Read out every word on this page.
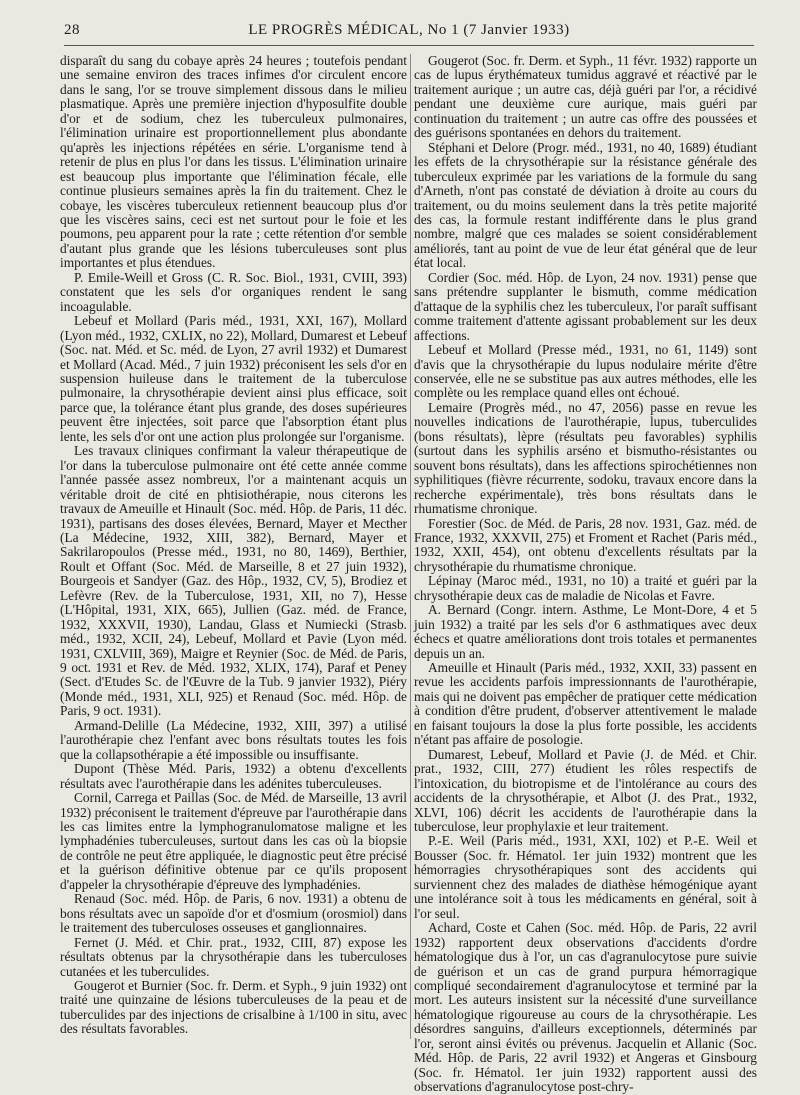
28	LE PROGRÈS MÉDICAL, No 1 (7 Janvier 1933)

disparaît du sang du cobaye après 24 heures ; toutefois pendant une semaine environ des traces infimes d'or circulent encore dans le sang, l'or se trouve simplement dissous dans le milieu plasmatique. Après une première injection d'hyposulfite double d'or et de sodium, chez les tuberculeux pulmonaires, l'élimination urinaire est proportionnellement plus abondante qu'après les injections répétées en série. L'organisme tend à retenir de plus en plus l'or dans les tissus. L'élimination urinaire est beaucoup plus importante que l'élimination fécale, elle continue plusieurs semaines après la fin du traitement. Chez le cobaye, les viscères tuberculeux retiennent beaucoup plus d'or que les viscères sains, ceci est net surtout pour le foie et les poumons, peu apparent pour la rate ; cette rétention d'or semble d'autant plus grande que les lésions tuberculeuses sont plus importantes et plus étendues.

P. Emile-Weill et Gross (C. R. Soc. Biol., 1931, CVIII, 393) constatent que les sels d'or organiques rendent le sang incoagulable.

Lebeuf et Mollard (Paris méd., 1931, XXI, 167), Mollard (Lyon méd., 1932, CXLIX, no 22), Mollard, Dumarest et Lebeuf (Soc. nat. Méd. et Sc. méd. de Lyon, 27 avril 1932) et Dumarest et Mollard (Acad. Méd., 7 juin 1932) préconisent les sels d'or en suspension huileuse dans le traitement de la tuberculose pulmonaire, la chrysothérapie devient ainsi plus efficace, soit parce que, la tolérance étant plus grande, des doses supérieures peuvent être injectées, soit parce que l'absorption étant plus lente, les sels d'or ont une action plus prolongée sur l'organisme.

Les travaux cliniques confirmant la valeur thérapeutique de l'or dans la tuberculose pulmonaire ont été cette année comme l'année passée assez nombreux, l'or a maintenant acquis un véritable droit de cité en phtisiothérapie, nous citerons les travaux de Ameuille et Hinault (Soc. méd. Hôp. de Paris, 11 déc. 1931), partisans des doses élevées, Bernard, Mayer et Mecther (La Médecine, 1932, XIII, 382), Bernard, Mayer et Sakrilaropoulos (Presse méd., 1931, no 80, 1469), Berthier, Roult et Offant (Soc. Méd. de Marseille, 8 et 27 juin 1932), Bourgeois et Sandyer (Gaz. des Hôp., 1932, CV, 5), Brodiez et Lefèvre (Rev. de la Tuberculose, 1931, XII, no 7), Hesse (L'Hôpital, 1931, XIX, 665), Jullien (Gaz. méd. de France, 1932, XXXVII, 1930), Landau, Glass et Numiecki (Strasb. méd., 1932, XCII, 24), Lebeuf, Mollard et Pavie (Lyon méd. 1931, CXLVIII, 369), Maigre et Reynier (Soc. de Méd. de Paris, 9 oct. 1931 et Rev. de Méd. 1932, XLIX, 174), Paraf et Peney (Sect. d'Etudes Sc. de l'Œuvre de la Tub. 9 janvier 1932), Piéry (Monde méd., 1931, XLI, 925) et Renaud (Soc. méd. Hôp. de Paris, 9 oct. 1931).

Armand-Delille (La Médecine, 1932, XIII, 397) a utilisé l'aurothérapie chez l'enfant avec bons résultats toutes les fois que la collapsothérapie a été impossible ou insuffisante.

Dupont (Thèse Méd. Paris, 1932) a obtenu d'excellents résultats avec l'aurothérapie dans les adénites tuberculeuses.

Cornil, Carrega et Paillas (Soc. de Méd. de Marseille, 13 avril 1932) préconisent le traitement d'épreuve par l'aurothérapie dans les cas limites entre la lymphogranulomatose maligne et les lymphadénies tuberculeuses, surtout dans les cas où la biopsie de contrôle ne peut être appliquée, le diagnostic peut être précisé et la guérison définitive obtenue par ce qu'ils proposent d'appeler la chrysothérapie d'épreuve des lymphadénies.

Renaud (Soc. méd. Hôp. de Paris, 6 nov. 1931) a obtenu de bons résultats avec un sapoïde d'or et d'osmium (orosmiol) dans le traitement des tuberculoses osseuses et ganglionnaires.

Fernet (J. Méd. et Chir. prat., 1932, CIII, 87) expose les résultats obtenus par la chrysothérapie dans les tuberculoses cutanées et les tuberculides.

Gougerot et Burnier (Soc. fr. Derm. et Syph., 9 juin 1932) ont traité une quinzaine de lésions tuberculeuses de la peau et de tuberculides par des injections de crisalbine à 1/100 in situ, avec des résultats favorables.

Gougerot (Soc. fr. Derm. et Syph., 11 févr. 1932) rapporte un cas de lupus érythémateux tumidus aggravé et réactivé par le traitement aurique ; un autre cas, déjà guéri par l'or, a récidivé pendant une deuxième cure aurique, mais guéri par continuation du traitement ; un autre cas offre des poussées et des guérisons spontanées en dehors du traitement.

Stéphani et Delore (Progr. méd., 1931, no 40, 1689) étudiant les effets de la chrysothérapie sur la résistance générale des tuberculeux exprimée par les variations de la formule du sang d'Arneth, n'ont pas constaté de déviation à droite au cours du traitement, ou du moins seulement dans la très petite majorité des cas, la formule restant indifférente dans le plus grand nombre, malgré que ces malades se soient considérablement améliorés, tant au point de vue de leur état général que de leur état local.

Cordier (Soc. méd. Hôp. de Lyon, 24 nov. 1931) pense que sans prétendre supplanter le bismuth, comme médication d'attaque de la syphilis chez les tuberculeux, l'or paraît suffisant comme traitement d'attente agissant probablement sur les deux affections.

Lebeuf et Mollard (Presse méd., 1931, no 61, 1149) sont d'avis que la chrysothérapie du lupus nodulaire mérite d'être conservée, elle ne se substitue pas aux autres méthodes, elle les complète ou les remplace quand elles ont échoué.

Lemaire (Progrès méd., no 47, 2056) passe en revue les nouvelles indications de l'aurothérapie, lupus, tuberculides (bons résultats), lèpre (résultats peu favorables) syphilis (surtout dans les syphilis arséno et bismutho-résistantes ou souvent bons résultats), dans les affections spirochétiennes non syphilitiques (fièvre récurrente, sodoku, travaux encore dans la recherche expérimentale), très bons résultats dans le rhumatisme chronique.

Forestier (Soc. de Méd. de Paris, 28 nov. 1931, Gaz. méd. de France, 1932, XXXVII, 275) et Froment et Rachet (Paris méd., 1932, XXII, 454), ont obtenu d'excellents résultats par la chrysothérapie du rhumatisme chronique.

Lépinay (Maroc méd., 1931, no 10) a traité et guéri par la chrysothérapie deux cas de maladie de Nicolas et Favre.

A. Bernard (Congr. intern. Asthme, Le Mont-Dore, 4 et 5 juin 1932) a traité par les sels d'or 6 asthmatiques avec deux échecs et quatre améliorations dont trois totales et permanentes depuis un an.

Ameuille et Hinault (Paris méd., 1932, XXII, 33) passent en revue les accidents parfois impressionnants de l'aurothérapie, mais qui ne doivent pas empêcher de pratiquer cette médication à condition d'être prudent, d'observer attentivement le malade en faisant toujours la dose la plus forte possible, les accidents n'étant pas affaire de posologie.

Dumarest, Lebeuf, Mollard et Pavie (J. de Méd. et Chir. prat., 1932, CIII, 277) étudient les rôles respectifs de l'intoxication, du biotropisme et de l'intolérance au cours des accidents de la chrysothérapie, et Albot (J. des Prat., 1932, XLVI, 106) décrit les accidents de l'aurothérapie dans la tuberculose, leur prophylaxie et leur traitement.

P.-E. Weil (Paris méd., 1931, XXI, 102) et P.-E. Weil et Bousser (Soc. fr. Hématol. 1er juin 1932) montrent que les hémorragies chrysothérapiques sont des accidents qui surviennent chez des malades de diathèse hémogénique ayant une intolérance soit à tous les médicaments en général, soit à l'or seul.

Achard, Coste et Cahen (Soc. méd. Hôp. de Paris, 22 avril 1932) rapportent deux observations d'accidents d'ordre hématologique dus à l'or, un cas d'agranulocytose pure suivie de guérison et un cas de grand purpura hémorragique compliqué secondairement d'agranulocytose et terminé par la mort. Les auteurs insistent sur la nécessité d'une surveillance hématologique rigoureuse au cours de la chrysothérapie. Les désordres sanguins, d'ailleurs exceptionnels, déterminés par l'or, seront ainsi évités ou prévenus. Jacquelin et Allanic (Soc. Méd. Hôp. de Paris, 22 avril 1932) et Angeras et Ginsbourg (Soc. fr. Hématol. 1er juin 1932) rapportent aussi des observations d'agranulocytose post-chry-
